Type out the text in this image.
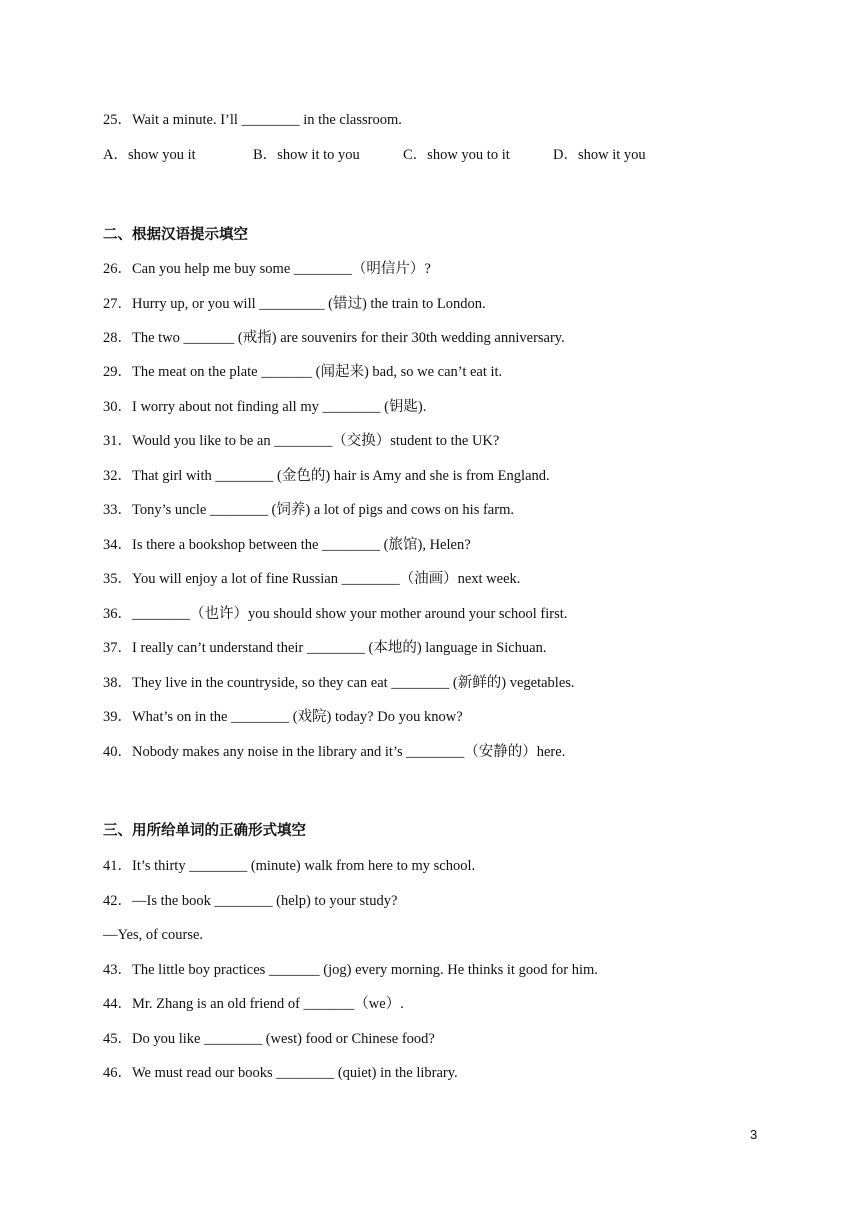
25．Wait a minute. I’ll ________ in the classroom.
A．show you it	B．show it to you	C．show you to it	D．show it you
二、根据汉语提示填空
26．Can you help me buy some ________（明信片）?
27．Hurry up, or you will _________ (错过) the train to London.
28．The two _______ (戒指) are souvenirs for their 30th wedding anniversary.
29．The meat on the plate _______ (闻起来) bad, so we can’t eat it.
30．I worry about not finding all my ________ (钥匙).
31．Would you like to be an ________（交换）student to the UK?
32．That girl with ________ (金色的) hair is Amy and she is from England.
33．Tony’s uncle ________ (饲养) a lot of pigs and cows on his farm.
34．Is there a bookshop between the ________ (旅馆), Helen?
35．You will enjoy a lot of fine Russian ________（油画）next week.
36．________（也许）you should show your mother around your school first.
37．I really can’t understand their ________ (本地的) language in Sichuan.
38．They live in the countryside, so they can eat ________ (新鲜的) vegetables.
39．What’s on in the ________ (戏院) today? Do you know?
40．Nobody makes any noise in the library and it’s ________（安静的）here.
三、用所给单词的正确形式填空
41．It’s thirty ________ (minute) walk from here to my school.
42．—Is the book ________ (help) to your study?
—Yes, of course.
43．The little boy practices _______ (jog) every morning. He thinks it good for him.
44．Mr. Zhang is an old friend of _______（we）.
45．Do you like ________ (west) food or Chinese food?
46．We must read our books ________ (quiet) in the library.
3
